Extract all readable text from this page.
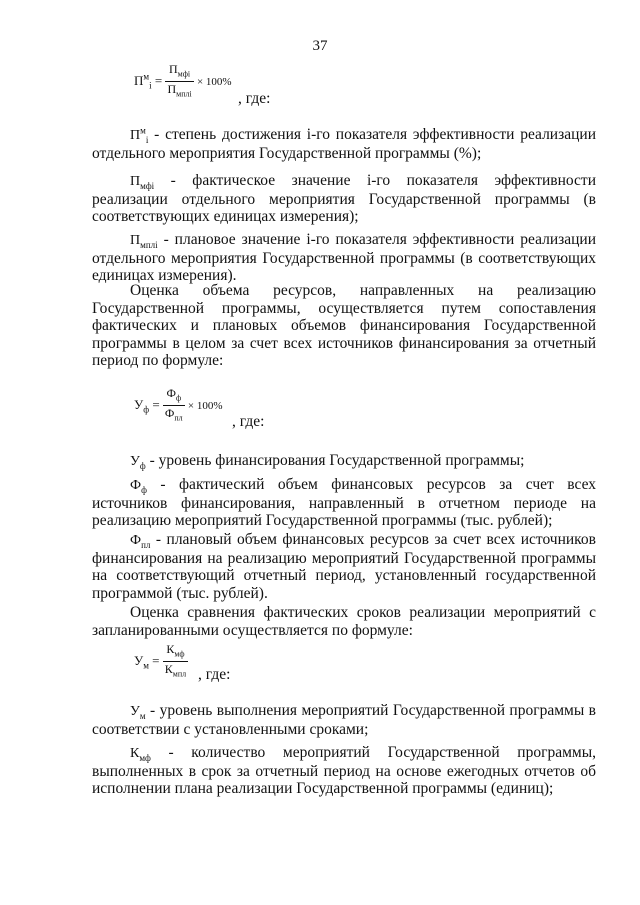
37
$П^м_i = \frac{П_{мфi}}{П_{мплi}} \times 100\%$
, где:
$П^м_i$ - степень достижения i-го показателя эффективности реализации отдельного мероприятия Государственной программы (%);
$П_{мфi}$ - фактическое значение i-го показателя эффективности реализации отдельного мероприятия Государственной программы (в соответствующих единицах измерения);
$П_{мплi}$ - плановое значение i-го показателя эффективности реализации отдельного мероприятия Государственной программы (в соответствующих единицах измерения).
Оценка объема ресурсов, направленных на реализацию
Государственной программы, осуществляется путем сопоставления
фактических и плановых объемов финансирования Государственной
программы в целом за счет всех источников финансирования за отчетный
период по формуле:
$У_ф = \frac{Ф_ф}{Ф_{пл}} \times 100\%$
, где:
$У_ф$ - уровень финансирования Государственной программы;
$Ф_ф$ - фактический объем финансовых ресурсов за счет всех источников финансирования, направленный в отчетном периоде на реализацию мероприятий Государственной программы (тыс. рублей);
$Ф_{пл}$ - плановый объем финансовых ресурсов за счет всех источников финансирования на реализацию мероприятий Государственной программы на соответствующий отчетный период, установленный государственной программой (тыс. рублей).
Оценка сравнения фактических сроков реализации мероприятий с запланированными осуществляется по формуле:
$У_м = \frac{К_{мф}}{К_{мпл}}$ , где:
$У_м$ - уровень выполнения мероприятий Государственной программы в соответствии с установленными сроками;
$К_{мф}$ - количество мероприятий Государственной программы, выполненных в срок за отчетный период на основе ежегодных отчетов об исполнении плана реализации Государственной программы (единиц);
